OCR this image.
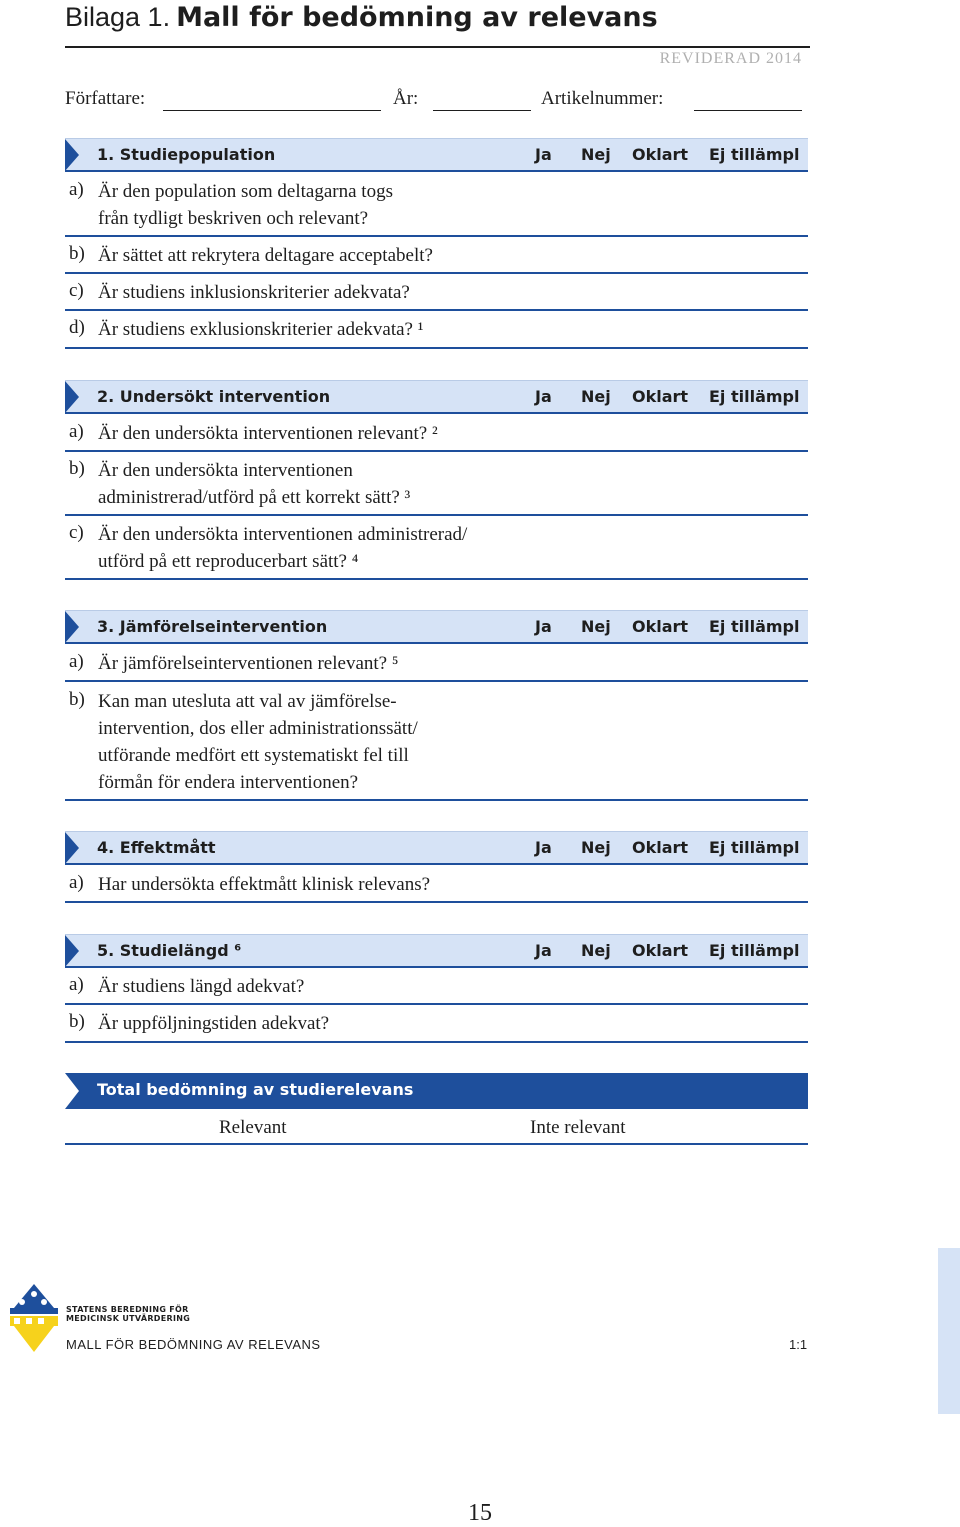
Bilaga 1. Mall för bedömning av relevans
REVIDERAD 2014
Författare:	År:	Artikelnummer:
1. Studiepopulation	Ja Nej Oklart Ej tillämpl
a) Är den population som deltagarna togs
från tydligt beskriven och relevant?
b) Är sättet att rekrytera deltagare acceptabelt?
c) Är studiens inklusionskriterier adekvata?
d) Är studiens exklusionskriterier adekvata? ¹
2. Undersökt intervention	Ja Nej Oklart Ej tillämpl
a) Är den undersökta interventionen relevant? ²
b) Är den undersökta interventionen
administrerad/utförd på ett korrekt sätt? ³
c) Är den undersökta interventionen administrerad/
utförd på ett reproducerbart sätt? ⁴
3. Jämförelseintervention	Ja Nej Oklart Ej tillämpl
a) Är jämförelseinterventionen relevant? ⁵
b) Kan man utesluta att val av jämförelse-
intervention, dos eller administrationssätt/
utförande medfört ett systematiskt fel till
förmån för endera interventionen?
4. Effektmått	Ja Nej Oklart Ej tillämpl
a) Har undersökta effektmått klinisk relevans?
5. Studielängd ⁶	Ja Nej Oklart Ej tillämpl
a) Är studiens längd adekvat?
b) Är uppföljningstiden adekvat?
Total bedömning av studierelevans
Relevant	Inte relevant
STATENS BEREDNING FÖR
MEDICINSK UTVÄRDERING
MALL FÖR BEDÖMNING AV RELEVANS	1:1
15
